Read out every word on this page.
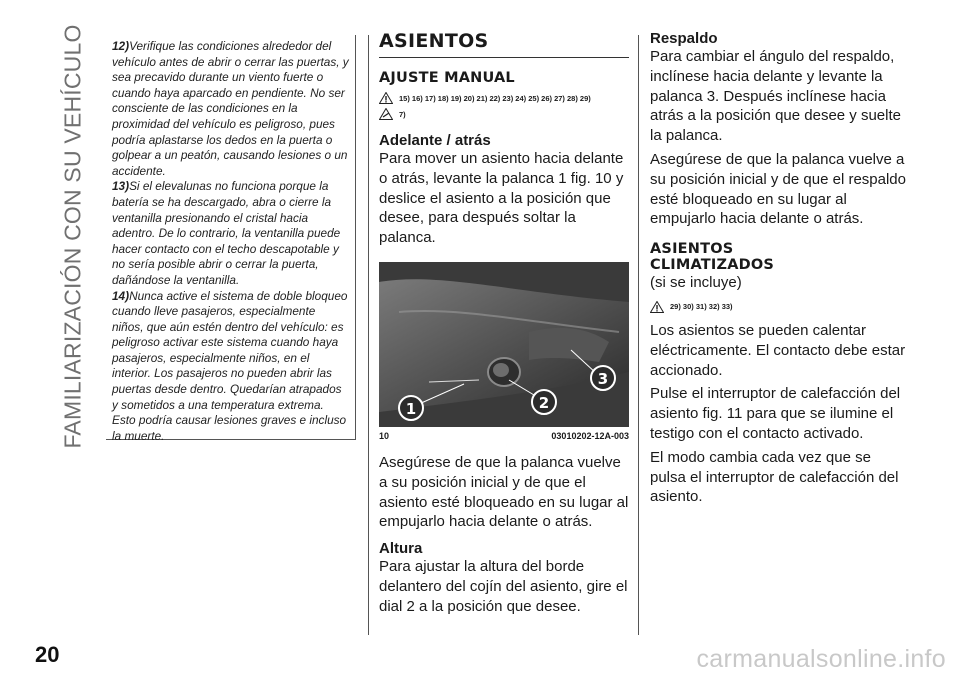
FAMILIARIZACIÓN CON SU VEHÍCULO 12)Verifique las condiciones alrededor del vehículo antes de abrir o cerrar las puertas, y sea precavido durante un viento fuerte o cuando haya aparcado en pendiente. No ser consciente de las condiciones en la proximidad del vehículo es peligroso, pues podría aplastarse los dedos en la puerta o golpear a un peatón, causando lesiones o un accidente.

13)Si el elevalunas no funciona porque la batería se ha descargado, abra o cierre la ventanilla presionando el cristal hacia adentro. De lo contrario, la ventanilla puede hacer contacto con el techo descapotable y no sería posible abrir o cerrar la puerta, dañándose la ventanilla.

14)Nunca active el sistema de doble bloqueo cuando lleve pasajeros, especialmente niños, que aún estén dentro del vehículo: es peligroso activar este sistema cuando haya pasajeros, especialmente niños, en el interior. Los pasajeros no pueden abrir las puertas desde dentro. Quedarían atrapados y sometidos a una temperatura extrema. Esto podría causar lesiones graves e incluso la muerte.

ASIENTOS
AJUSTE MANUAL
15) 16) 17) 18) 19) 20) 21) 22) 23) 24) 25) 26) 27) 28) 29)
7)
Adelante / atrás

Para mover un asiento hacia delante o atrás, levante la palanca 1 fig. 10 y deslice el asiento a la posición que desee, para después soltar la palanca.

1	2
3
10	03010202-12A-003

Asegúrese de que la palanca vuelve a su posición inicial y de que el asiento esté bloqueado en su lugar al empujarlo hacia delante o atrás.

Altura

Para ajustar la altura del borde delantero del cojín del asiento, gire el dial 2 a la posición que desee.

Respaldo

Para cambiar el ángulo del respaldo, inclínese hacia delante y levante la palanca 3. Después inclínese hacia atrás a la posición que desee y suelte la palanca.

Asegúrese de que la palanca vuelve a su posición inicial y de que el respaldo esté bloqueado en su lugar al empujarlo hacia delante o atrás.

ASIENTOS
CLIMATIZADOS

(si se incluye)

29) 30) 31) 32) 33)

Los asientos se pueden calentar eléctricamente. El contacto debe estar accionado.

Pulse el interruptor de calefacción del asiento fig. 11 para que se ilumine el testigo con el contacto activado.

El modo cambia cada vez que se pulsa el interruptor de calefacción del asiento.

20	carmanualsonline.info
